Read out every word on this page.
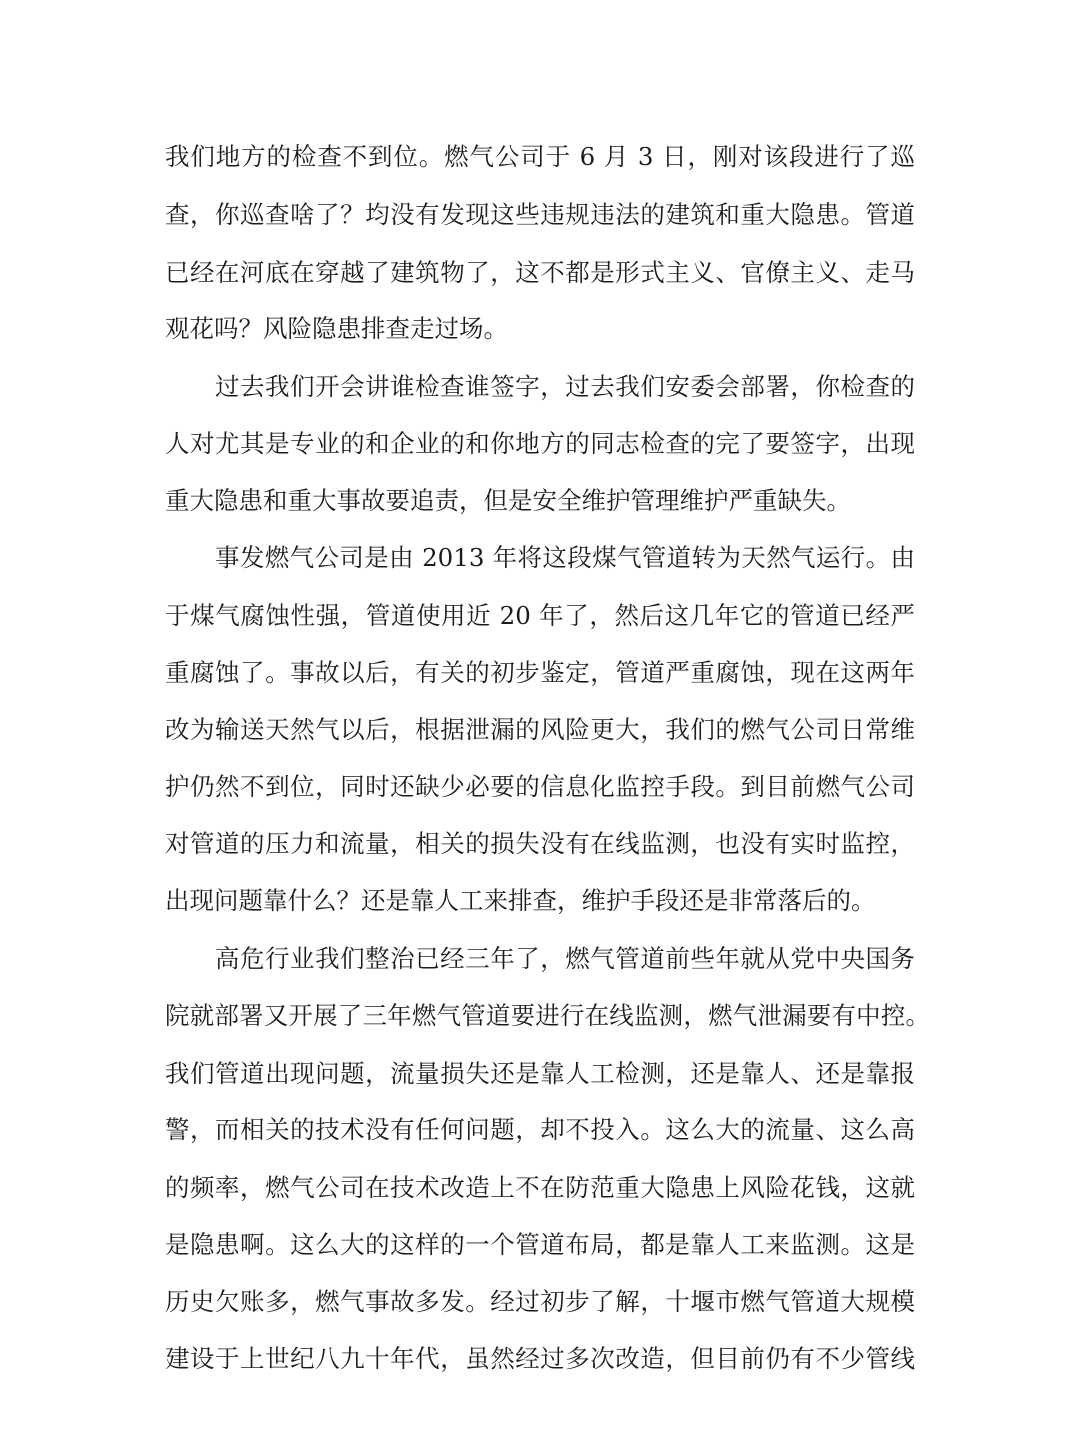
我们地方的检查不到位。燃气公司于 6 月 3 日，刚对该段进行了巡
查，你巡查啥了？均没有发现这些违规违法的建筑和重大隐患。管道
已经在河底在穿越了建筑物了，这不都是形式主义、官僚主义、走马
观花吗？风险隐患排查走过场。
过去我们开会讲谁检查谁签字，过去我们安委会部署，你检查的
人对尤其是专业的和企业的和你地方的同志检查的完了要签字，出现
重大隐患和重大事故要追责，但是安全维护管理维护严重缺失。
事发燃气公司是由 2013 年将这段煤气管道转为天然气运行。由
于煤气腐蚀性强，管道使用近 20 年了，然后这几年它的管道已经严
重腐蚀了。事故以后，有关的初步鉴定，管道严重腐蚀，现在这两年
改为输送天然气以后，根据泄漏的风险更大，我们的燃气公司日常维
护仍然不到位，同时还缺少必要的信息化监控手段。到目前燃气公司
对管道的压力和流量，相关的损失没有在线监测，也没有实时监控，
出现问题靠什么？还是靠人工来排查，维护手段还是非常落后的。
高危行业我们整治已经三年了，燃气管道前些年就从党中央国务
院就部署又开展了三年燃气管道要进行在线监测，燃气泄漏要有中控。
我们管道出现问题，流量损失还是靠人工检测，还是靠人、还是靠报
警，而相关的技术没有任何问题，却不投入。这么大的流量、这么高
的频率，燃气公司在技术改造上不在防范重大隐患上风险花钱，这就
是隐患啊。这么大的这样的一个管道布局，都是靠人工来监测。这是
历史欠账多，燃气事故多发。经过初步了解，十堰市燃气管道大规模
建设于上世纪八九十年代，虽然经过多次改造，但目前仍有不少管线
